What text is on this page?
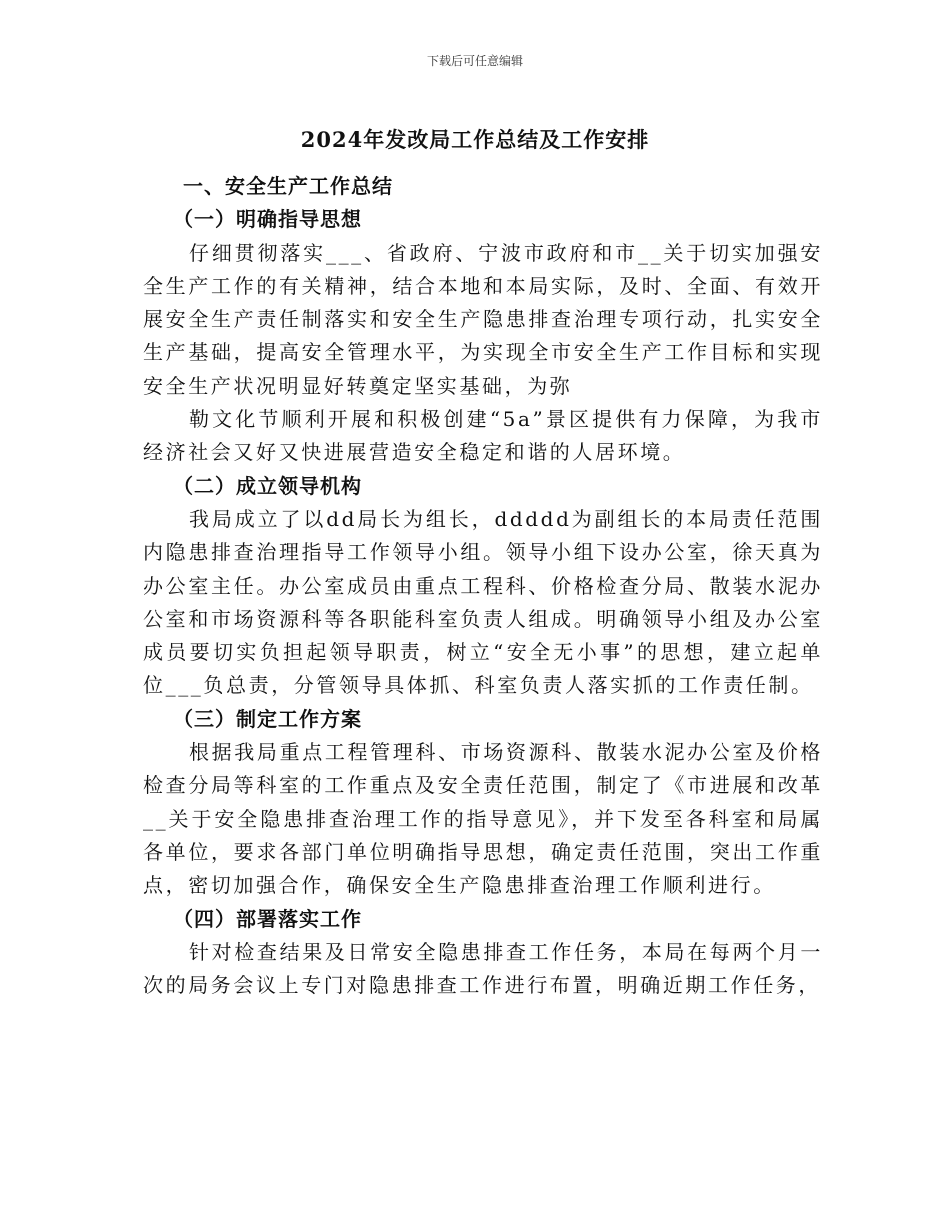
下载后可任意编辑
2024年发改局工作总结及工作安排

一、安全生产工作总结

（一）明确指导思想

仔细贯彻落实___、省政府、宁波市政府和市__关于切实加强安全生产工作的有关精神，结合本地和本局实际，及时、全面、有效开展安全生产责任制落实和安全生产隐患排查治理专项行动，扎实安全生产基础，提高安全管理水平，为实现全市安全生产工作目标和实现安全生产状况明显好转奠定坚实基础，为弥

勒文化节顺利开展和积极创建“5a”景区提供有力保障，为我市经济社会又好又快进展营造安全稳定和谐的人居环境。

（二）成立领导机构

我局成立了以dd局长为组长，ddddd为副组长的本局责任范围内隐患排查治理指导工作领导小组。领导小组下设办公室，徐天真为办公室主任。办公室成员由重点工程科、价格检查分局、散装水泥办公室和市场资源科等各职能科室负责人组成。明确领导小组及办公室成员要切实负担起领导职责，树立“安全无小事”的思想，建立起单位___负总责，分管领导具体抓、科室负责人落实抓的工作责任制。

（三）制定工作方案

根据我局重点工程管理科、市场资源科、散装水泥办公室及价格检查分局等科室的工作重点及安全责任范围，制定了《市进展和改革__关于安全隐患排查治理工作的指导意见》，并下发至各科室和局属各单位，要求各部门单位明确指导思想，确定责任范围，突出工作重点，密切加强合作，确保安全生产隐患排查治理工作顺利进行。

（四）部署落实工作

针对检查结果及日常安全隐患排查工作任务，本局在每两个月一次的局务会议上专门对隐患排查工作进行布置，明确近期工作任务，
